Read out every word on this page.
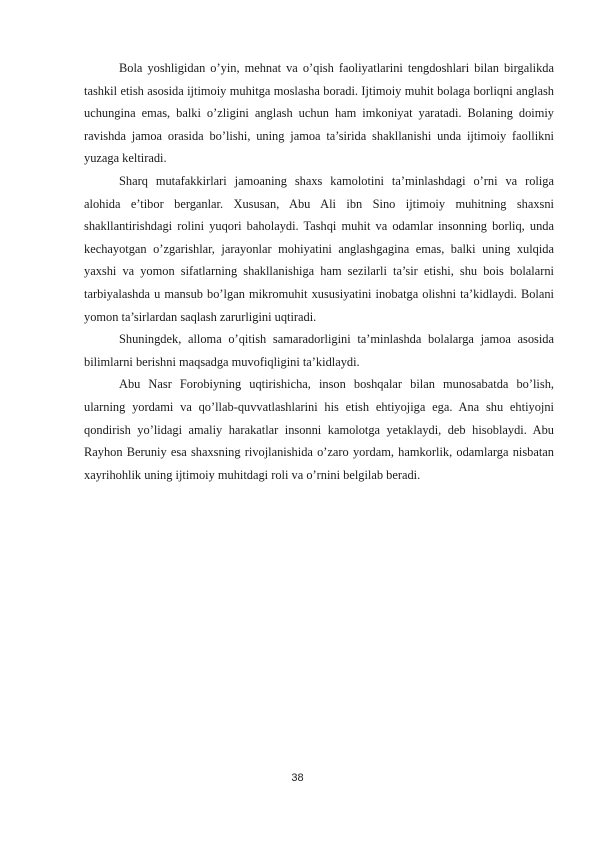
Bola yoshligidan o’yin, mehnat va o’qish faoliyatlarini tengdoshlari bilan birgalikda tashkil etish asosida ijtimoiy muhitga moslasha boradi. Ijtimoiy muhit bolaga borliqni anglash uchungina emas, balki o’zligini anglash uchun ham imkoniyat yaratadi. Bolaning doimiy ravishda jamoa orasida bo’lishi, uning jamoa ta’sirida shakllanishi unda ijtimoiy faollikni yuzaga keltiradi.

Sharq mutafakkirlari jamoaning shaxs kamolotini ta’minlashdagi o’rni va roliga alohida e’tibor berganlar. Xususan, Abu Ali ibn Sino ijtimoiy muhitning shaxsni shakllantirishdagi rolini yuqori baholaydi. Tashqi muhit va odamlar insonning borliq, unda kechayotgan o’zgarishlar, jarayonlar mohiyatini anglashgagina emas, balki uning xulqida yaxshi va yomon sifatlarning shakllanishiga ham sezilarli ta’sir etishi, shu bois bolalarni tarbiyalashda u mansub bo’lgan mikromuhit xususiyatini inobatga olishni ta’kidlaydi. Bolani yomon ta’sirlardan saqlash zarurligini uqtiradi.

Shuningdek, alloma o’qitish samaradorligini ta’minlashda bolalarga jamoa asosida bilimlarni berishni maqsadga muvofiqligini ta’kidlaydi.

Abu Nasr Forobiyning uqtirishicha, inson boshqalar bilan munosabatda bo’lish, ularning yordami va qo’llab-quvvatlashlarini his etish ehtiyojiga ega. Ana shu ehtiyojni qondirish yo’lidagi amaliy harakatlar insonni kamolotga yetaklaydi, deb hisoblaydi. Abu Rayhon Beruniy esa shaxsning rivojlanishida o’zaro yordam, hamkorlik, odamlarga nisbatan xayrihohlik uning ijtimoiy muhitdagi roli va o’rnini belgilab beradi.

38
